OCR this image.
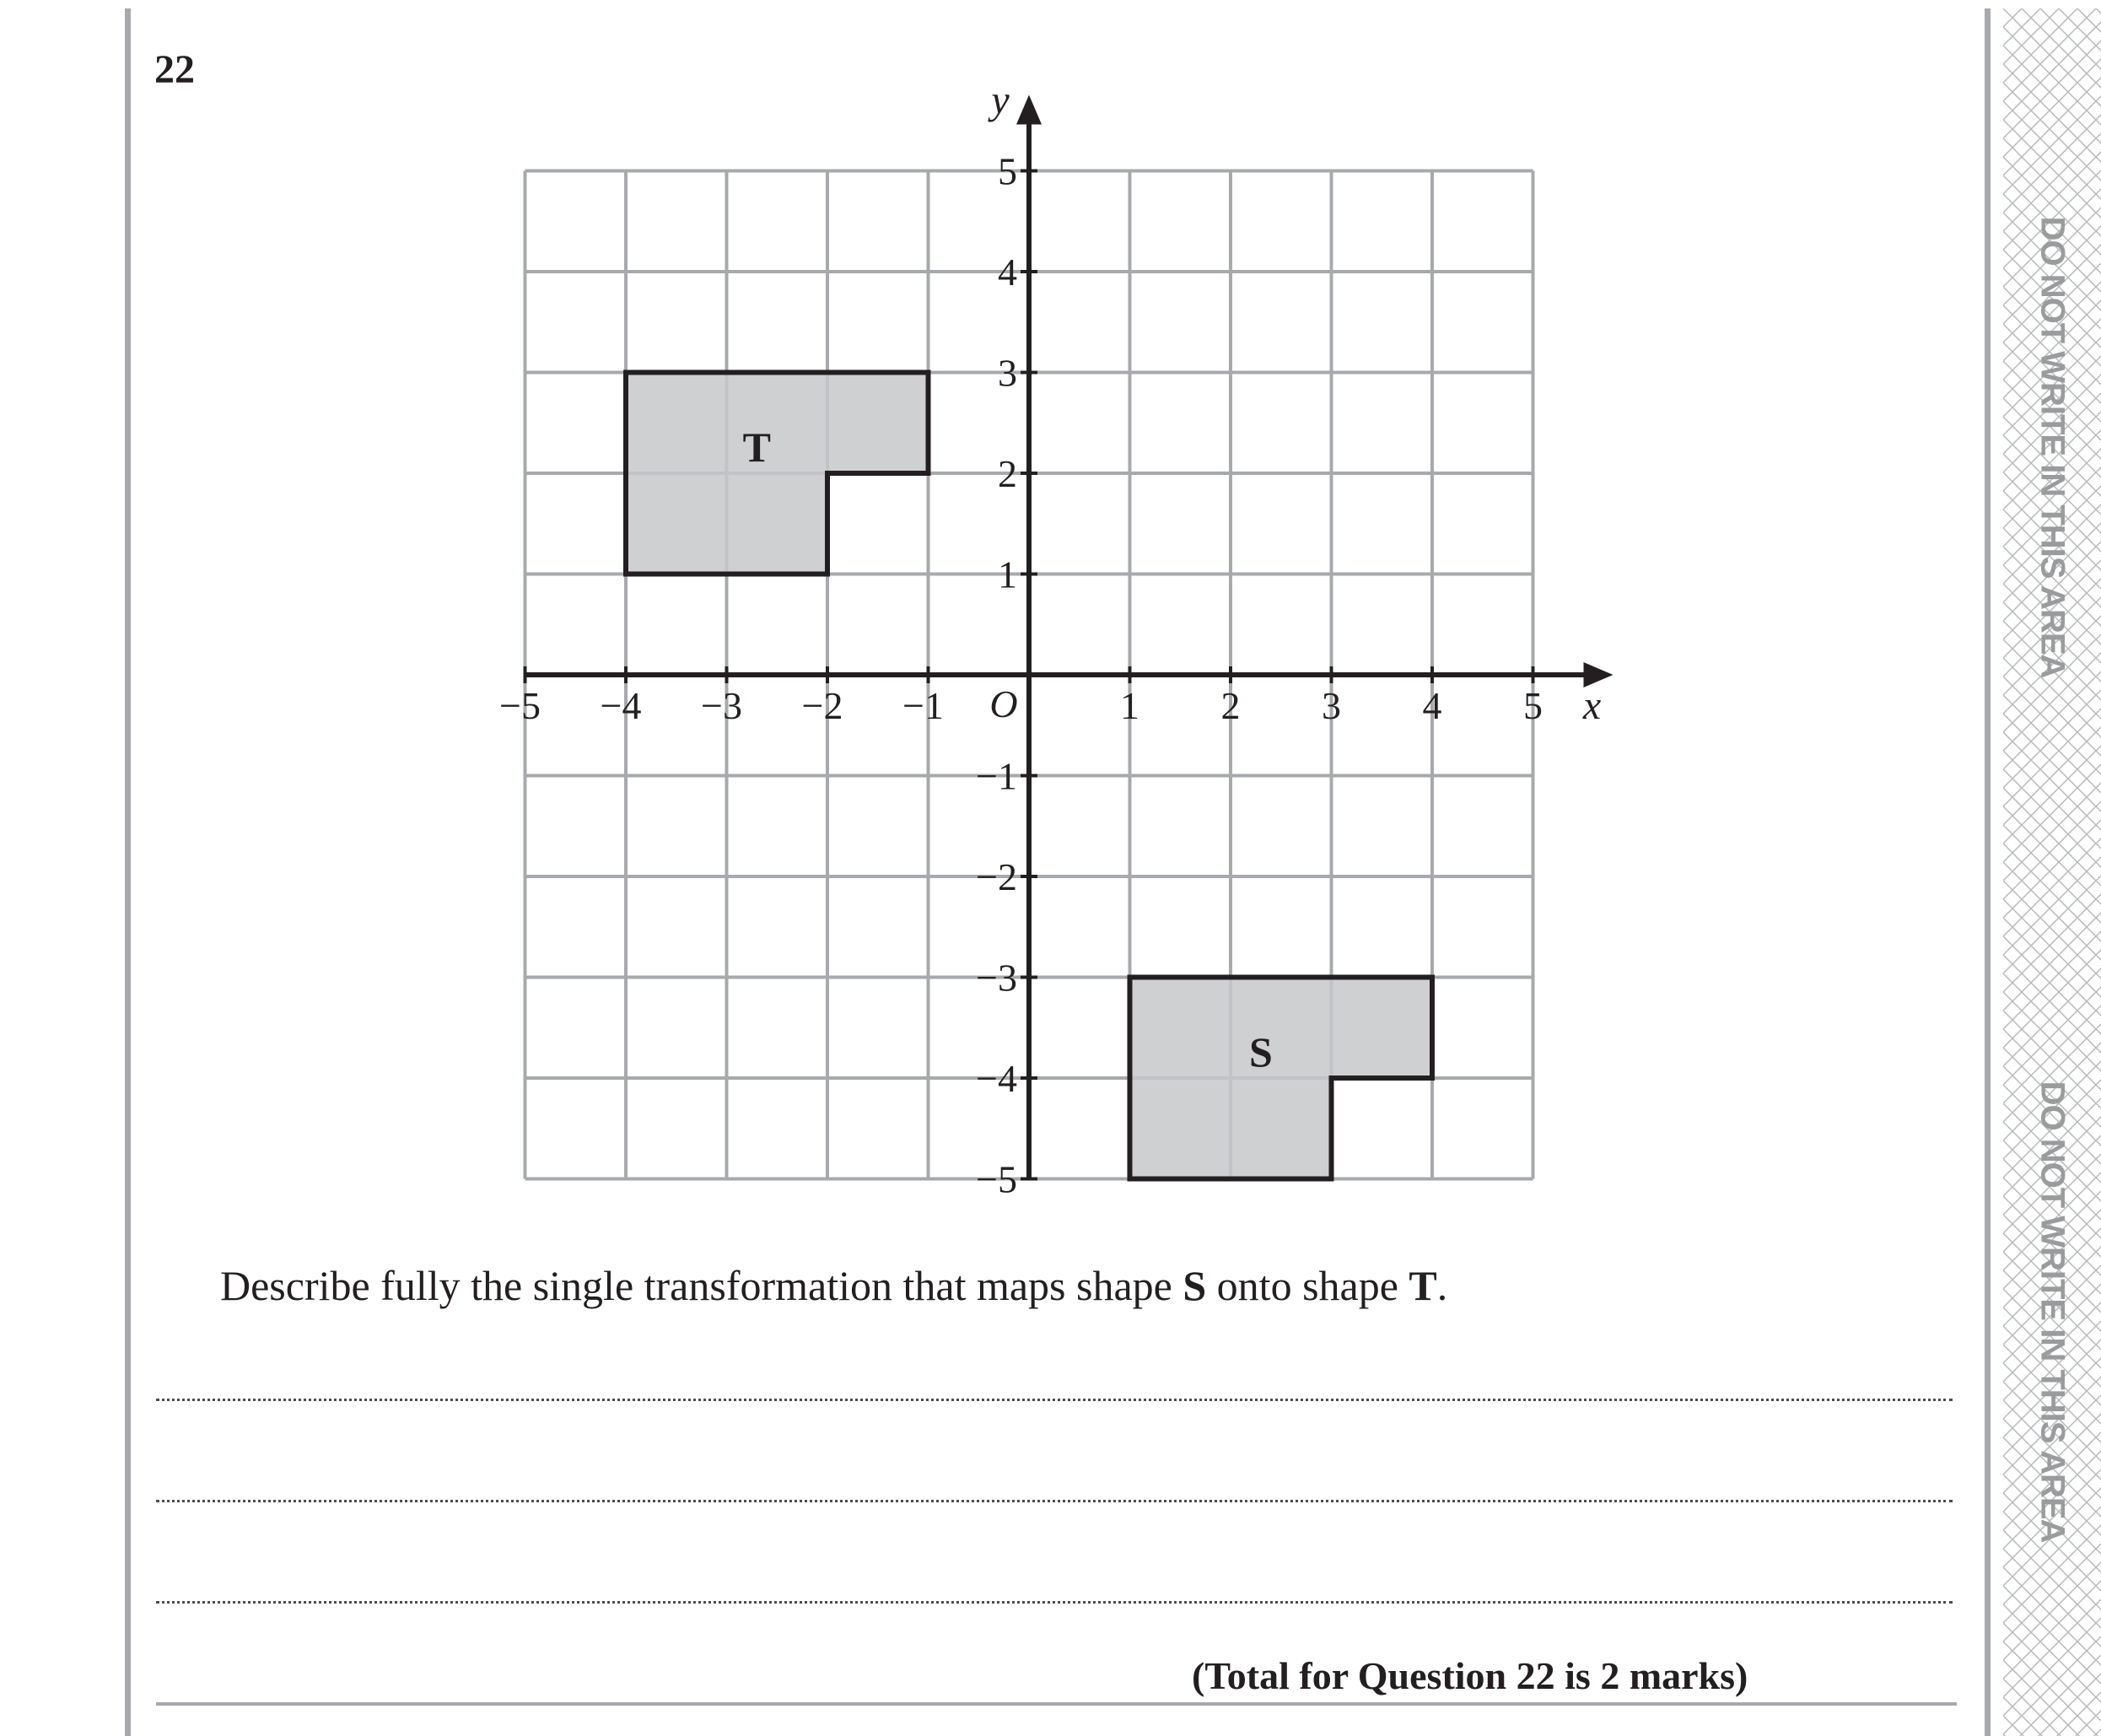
DO NOT WRITE IN THIS AREA
DO NOT WRITE IN THIS AREA
22
T
S
−5 −4 −3 −2 −1	1 2 3 4 5
5
4
3
2
1
−1
−2
−3
−4
−5
O	x
y
Describe fully the single transformation that maps shape S onto shape T.
(Total for Question 22 is 2 marks)
